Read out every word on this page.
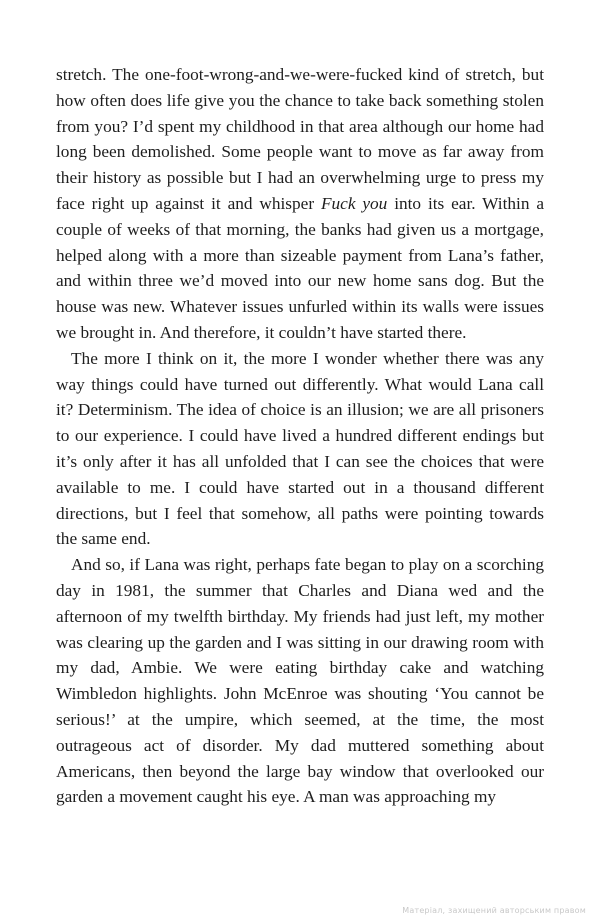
stretch. The one-foot-wrong-and-we-were-fucked kind of stretch, but how often does life give you the chance to take back something stolen from you? I’d spent my childhood in that area although our home had long been demolished. Some people want to move as far away from their history as possible but I had an overwhelming urge to press my face right up against it and whisper Fuck you into its ear. Within a couple of weeks of that morning, the banks had given us a mortgage, helped along with a more than sizeable payment from Lana’s father, and within three we’d moved into our new home sans dog. But the house was new. Whatever issues unfurled within its walls were issues we brought in. And therefore, it couldn’t have started there.

The more I think on it, the more I wonder whether there was any way things could have turned out differently. What would Lana call it? Determinism. The idea of choice is an illusion; we are all prisoners to our experience. I could have lived a hundred different endings but it’s only after it has all unfolded that I can see the choices that were available to me. I could have started out in a thousand different directions, but I feel that somehow, all paths were pointing towards the same end.

And so, if Lana was right, perhaps fate began to play on a scorching day in 1981, the summer that Charles and Diana wed and the afternoon of my twelfth birthday. My friends had just left, my mother was clearing up the garden and I was sitting in our drawing room with my dad, Ambie. We were eating birthday cake and watching Wimbledon highlights. John McEnroe was shouting ‘You cannot be serious!’ at the umpire, which seemed, at the time, the most outrageous act of disorder. My dad muttered something about Americans, then beyond the large bay window that overlooked our garden a movement caught his eye. A man was approaching my

Матеріал, захищений авторським правом
